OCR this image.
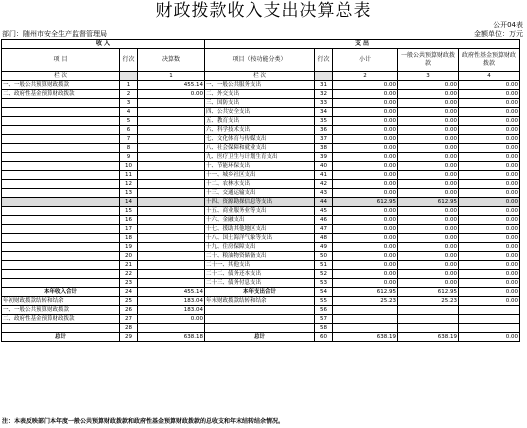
财政拨款收入支出决算总表
公开04表
部门：随州市安全生产监督管理局	金额单位：万元
收 入			支 出				
项 目	行次	决算数	项目（按功能分类）	行次	小计	一般公共预算财政拨款	政府性基金预算财政拨款
栏 次		1	栏 次		2	3	4
一、一般公共预算财政拨款	1	455.14	一、一般公共服务支出	31	0.00	0.00	0.00
二、政府性基金预算财政拨款	2	0.00	二、外交支出	32	0.00	0.00	0.00
	3		三、国防支出	33	0.00	0.00	0.00
	4		四、公共安全支出	34	0.00	0.00	0.00
	5		五、教育支出	35	0.00	0.00	0.00
	6		六、科学技术支出	36	0.00	0.00	0.00
	7		七、文化体育与传媒支出	37	0.00	0.00	0.00
	8		八、社会保障和就业支出	38	0.00	0.00	0.00
	9		九、医疗卫生与计划生育支出	39	0.00	0.00	0.00
	10		十、节能环保支出	40	0.00	0.00	0.00
	11		十一、城乡社区支出	41	0.00	0.00	0.00
	12		十二、农林水支出	42	0.00	0.00	0.00
	13		十三、交通运输支出	43	0.00	0.00	0.00
	14		十四、资源勘探信息等支出	44	612.95	612.95	0.00
	15		十五、商业服务业等支出	45	0.00	0.00	0.00
	16		十六、金融支出	46	0.00	0.00	0.00
	17		十七、援助其他地区支出	47	0.00	0.00	0.00
	18		十八、国土海洋气象等支出	48	0.00	0.00	0.00
	19		十九、住房保障支出	49	0.00	0.00	0.00
	20		二十、粮油物资储备支出	50	0.00	0.00	0.00
	21		二十一、其他支出	51	0.00	0.00	0.00
	22		二十二、债务还本支出	52	0.00	0.00	0.00
	23		二十三、债务付息支出	53	0.00	0.00	0.00
本年收入合计	24	455.14	本年支出合计	54	612.95	612.95	0.00
年初财政拨款结转和结余	25	183.04	年末财政拨款结转和结余	55	25.23	25.23	0.00
一、一般公共预算财政拨款	26	183.04		56			
二、政府性基金预算财政拨款	27	0.00		57			
	28			58			
总计	29	638.18	总计	60	638.19	638.19	0.00
注：本表反映部门本年度一般公共预算财政拨款和政府性基金预算财政拨款的总收支和年末结转结余情况。
